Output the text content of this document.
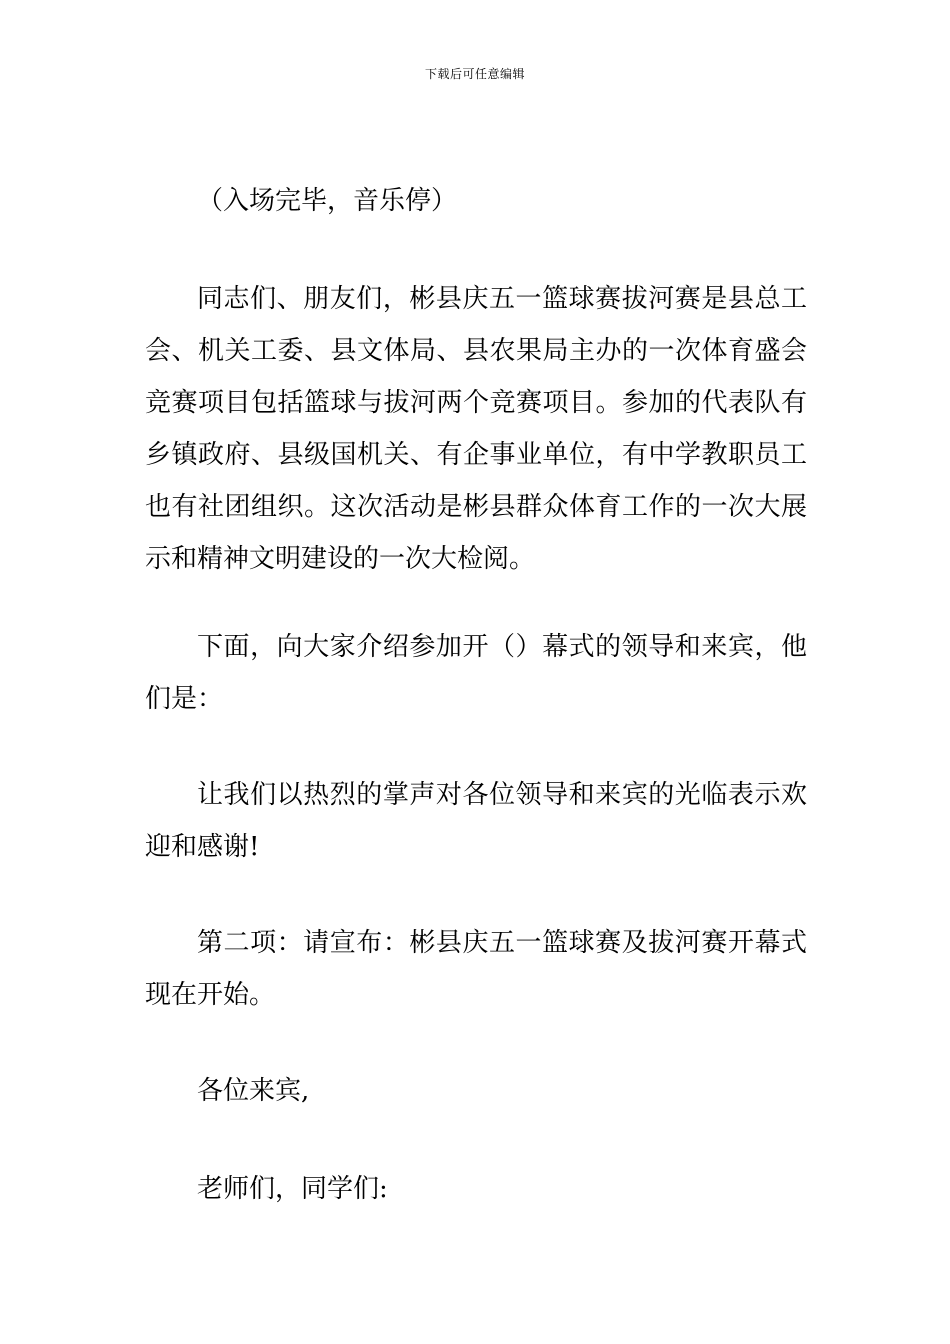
下载后可任意编辑

（入场完毕，音乐停）

同志们、朋友们，彬县庆五一篮球赛拔河赛是县总工会、机关工委、县文体局、县农果局主办的一次体育盛会竞赛项目包括篮球与拔河两个竞赛项目。参加的代表队有乡镇政府、县级国机关、有企事业单位，有中学教职员工也有社团组织。这次活动是彬县群众体育工作的一次大展示和精神文明建设的一次大检阅。

下面，向大家介绍参加开（）幕式的领导和来宾，他们是：

让我们以热烈的掌声对各位领导和来宾的光临表示欢迎和感谢!

第二项：请宣布：彬县庆五一篮球赛及拔河赛开幕式现在开始。

各位来宾,

老师们，同学们:
